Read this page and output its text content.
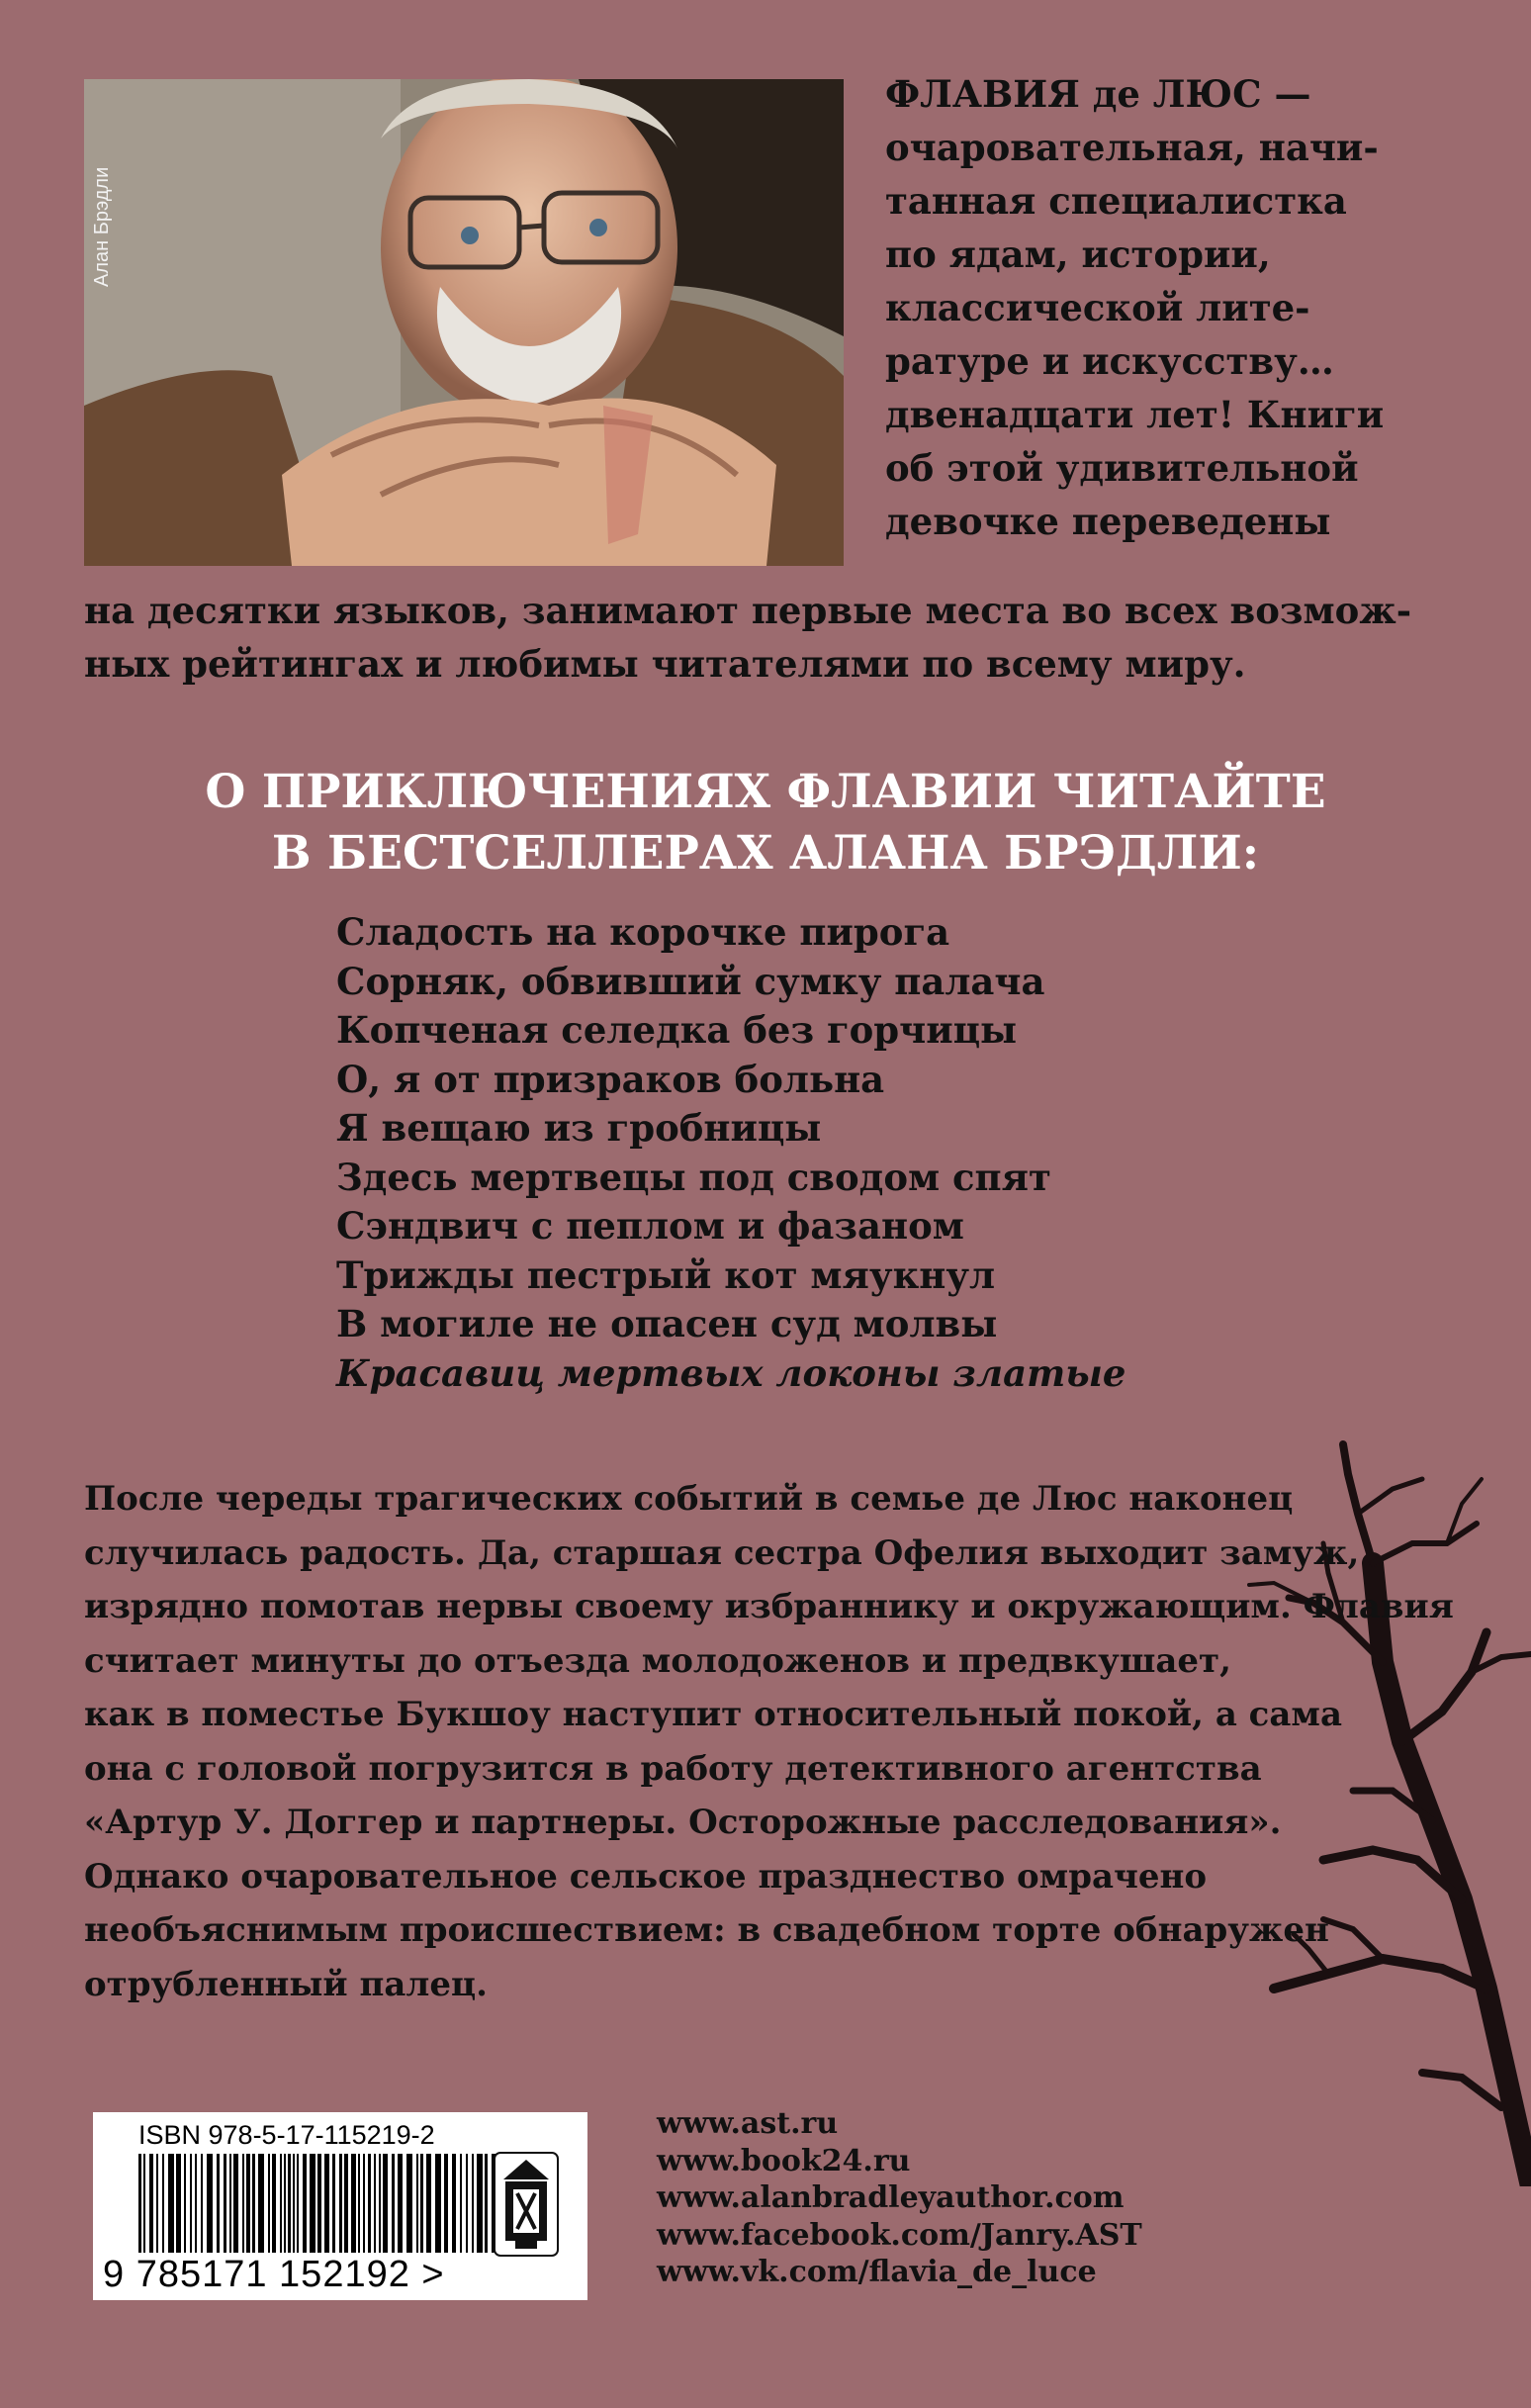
Алан Брэдли
ФЛАВИЯ де ЛЮС —
очаровательная, начи-
танная специалистка
по ядам, истории,
классической лите-
ратуре и искусству…
двенадцати лет! Книги
об этой удивительной
девочке переведены
на десятки языков, занимают первые места во всех возмож-
ных рейтингах и любимы читателями по всему миру.
О ПРИКЛЮЧЕНИЯХ ФЛАВИИ ЧИТАЙТЕ
В БЕСТСЕЛЛЕРАХ АЛАНА БРЭДЛИ:
Сладость на корочке пирога
Сорняк, обвивший сумку палача
Копченая селедка без горчицы
О, я от призраков больна
Я вещаю из гробницы
Здесь мертвецы под сводом спят
Сэндвич с пеплом и фазаном
Трижды пестрый кот мяукнул
В могиле не опасен суд молвы
Красавиц мертвых локоны златые
После череды трагических событий в семье де Люс наконец
случилась радость. Да, старшая сестра Офелия выходит замуж,
изрядно помотав нервы своему избраннику и окружающим. Флавия
считает минуты до отъезда молодоженов и предвкушает,
как в поместье Букшоу наступит относительный покой, а сама
она с головой погрузится в работу детективного агентства
«Артур У. Доггер и партнеры. Осторожные расследования».
Однако очаровательное сельское празднество омрачено
необъяснимым происшествием: в свадебном торте обнаружен
отрубленный палец.
ISBN 978-5-17-115219-2
9 785171 152192 >
www.ast.ru
www.book24.ru
www.alanbradleyauthor.com
www.facebook.com/Janry.AST
www.vk.com/flavia_de_luce
